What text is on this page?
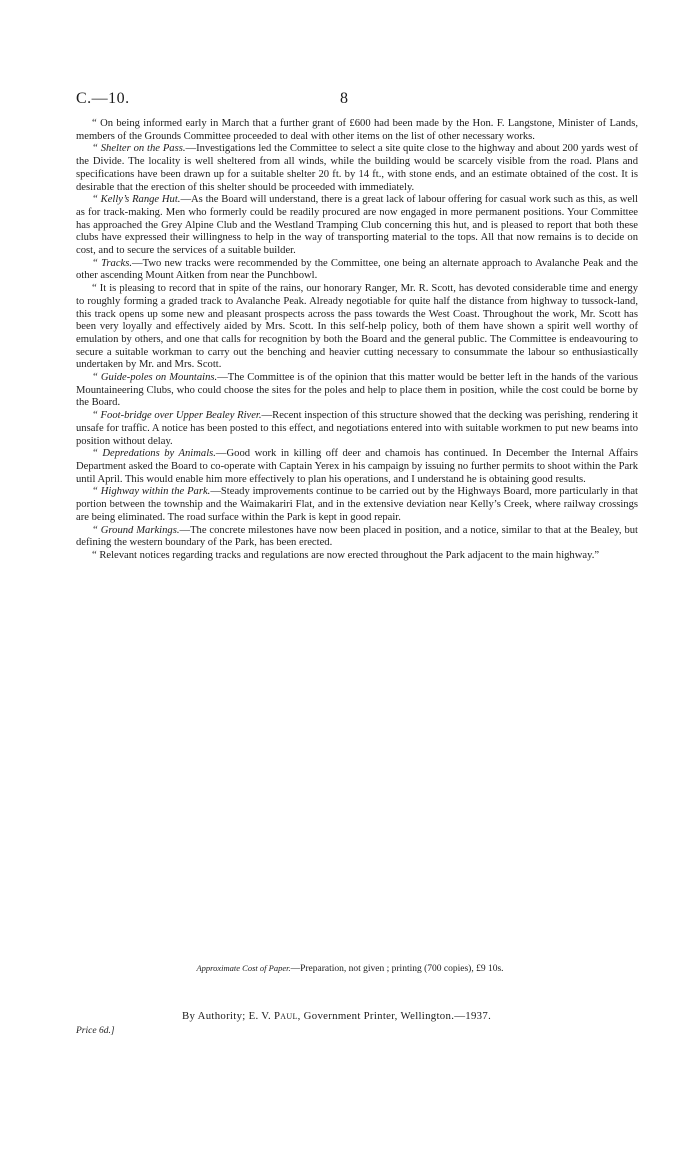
C.—10.	8

“ On being informed early in March that a further grant of £600 had been made by the Hon. F. Langstone, Minister of Lands, members of the Grounds Committee proceeded to deal with other items on the list of other necessary works.

“ Shelter on the Pass.—Investigations led the Committee to select a site quite close to the highway and about 200 yards west of the Divide. The locality is well sheltered from all winds, while the building would be scarcely visible from the road. Plans and specifications have been drawn up for a suitable shelter 20 ft. by 14 ft., with stone ends, and an estimate obtained of the cost. It is desirable that the erection of this shelter should be proceeded with immediately.

“ Kelly’s Range Hut.—As the Board will understand, there is a great lack of labour offering for casual work such as this, as well as for track-making. Men who formerly could be readily procured are now engaged in more permanent positions. Your Committee has approached the Grey Alpine Club and the Westland Tramping Club concerning this hut, and is pleased to report that both these clubs have expressed their willingness to help in the way of transporting material to the tops. All that now remains is to decide on cost, and to secure the services of a suitable builder.

“ Tracks.—Two new tracks were recommended by the Committee, one being an alternate approach to Avalanche Peak and the other ascending Mount Aitken from near the Punchbowl.

“ It is pleasing to record that in spite of the rains, our honorary Ranger, Mr. R. Scott, has devoted considerable time and energy to roughly forming a graded track to Avalanche Peak. Already negotiable for quite half the distance from highway to tussock-land, this track opens up some new and pleasant prospects across the pass towards the West Coast. Throughout the work, Mr. Scott has been very loyally and effectively aided by Mrs. Scott. In this self-help policy, both of them have shown a spirit well worthy of emulation by others, and one that calls for recognition by both the Board and the general public. The Committee is endeavouring to secure a suitable workman to carry out the benching and heavier cutting necessary to consummate the labour so enthusiastically undertaken by Mr. and Mrs. Scott.

“ Guide-poles on Mountains.—The Committee is of the opinion that this matter would be better left in the hands of the various Mountaineering Clubs, who could choose the sites for the poles and help to place them in position, while the cost could be borne by the Board.

“ Foot-bridge over Upper Bealey River.—Recent inspection of this structure showed that the decking was perishing, rendering it unsafe for traffic. A notice has been posted to this effect, and negotiations entered into with suitable workmen to put new beams into position without delay.

“ Depredations by Animals.—Good work in killing off deer and chamois has continued. In December the Internal Affairs Department asked the Board to co-operate with Captain Yerex in his campaign by issuing no further permits to shoot within the Park until April. This would enable him more effectively to plan his operations, and I understand he is obtaining good results.

“ Highway within the Park.—Steady improvements continue to be carried out by the Highways Board, more particularly in that portion between the township and the Waimakariri Flat, and in the extensive deviation near Kelly’s Creek, where railway crossings are being eliminated. The road surface within the Park is kept in good repair.

“ Ground Markings.—The concrete milestones have now been placed in position, and a notice, similar to that at the Bealey, but defining the western boundary of the Park, has been erected.

“ Relevant notices regarding tracks and regulations are now erected throughout the Park adjacent to the main highway.”

Approximate Cost of Paper.—Preparation, not given ; printing (700 copies), £9 10s.
By Authority; E. V. Paul, Government Printer, Wellington.—1937.
Price 6d.]
